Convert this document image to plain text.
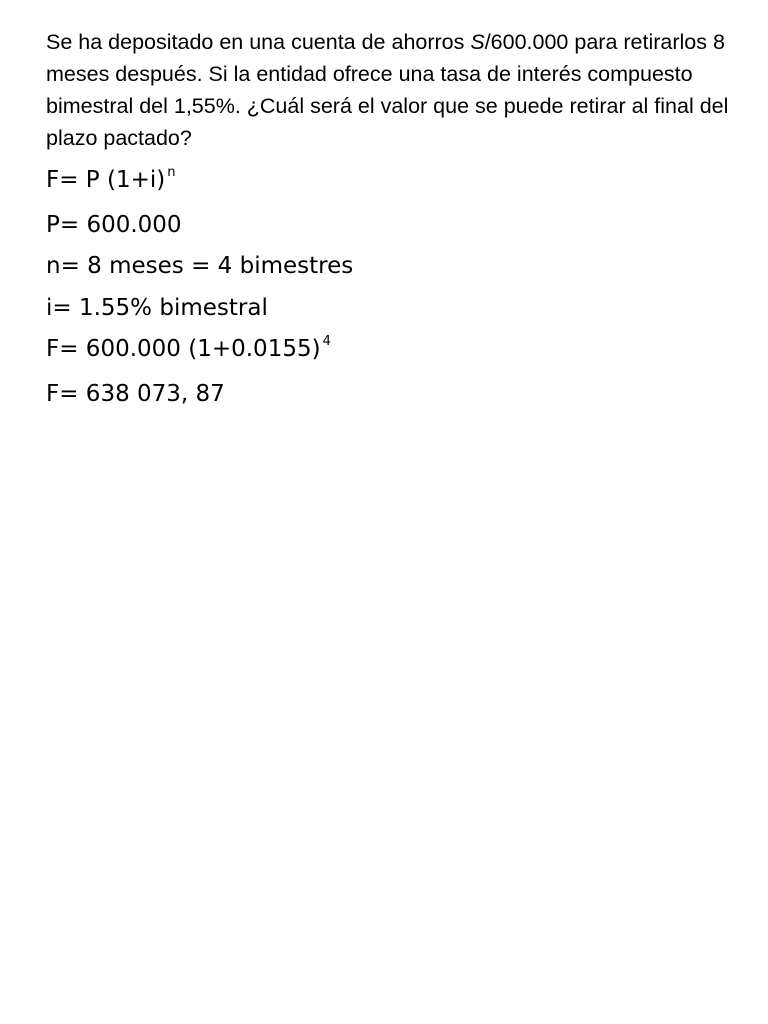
Se ha depositado en una cuenta de ahorros S/600.000 para retirarlos 8 meses después. Si la entidad ofrece una tasa de interés compuesto bimestral del 1,55%. ¿Cuál será el valor que se puede retirar al final del plazo pactado?

F= P (1+i) $^n$

P= 600.000

n= 8 meses = 4 bimestres

i= 1.55% bimestral

F= 600.000 (1+0.0155) $^4$

F= 638 073, 87
